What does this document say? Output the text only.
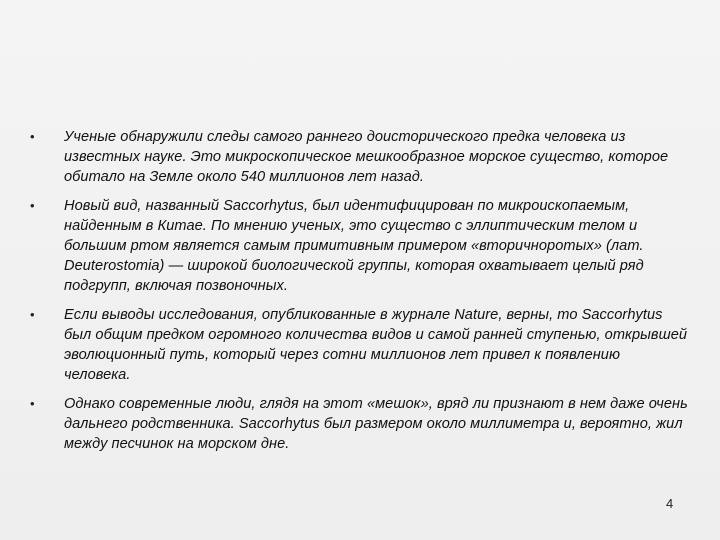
•	Ученые обнаружили следы самого раннего доисторического предка человека из известных науке. Это микроскопическое мешкообразное морское существо, которое обитало на Земле около 540 миллионов лет назад.
•	Новый вид, названный Saccorhytus, был идентифицирован по микроископаемым, найденным в Китае. По мнению ученых, это существо с эллиптическим телом и большим ртом является самым примитивным примером «вторичноротых» (лат. Deuterostomia) — широкой биологической группы, которая охватывает целый ряд подгрупп, включая позвоночных.
•	Если выводы исследования, опубликованные в журнале Nature, верны, то Saccorhytus был общим предком огромного количества видов и самой ранней ступенью, открывшей эволюционный путь, который через сотни миллионов лет привел к появлению человека.
•	Однако современные люди, глядя на этот «мешок», вряд ли признают в нем даже очень дальнего родственника. Saccorhytus был размером около миллиметра и, вероятно, жил между песчинок на морском дне.
4
